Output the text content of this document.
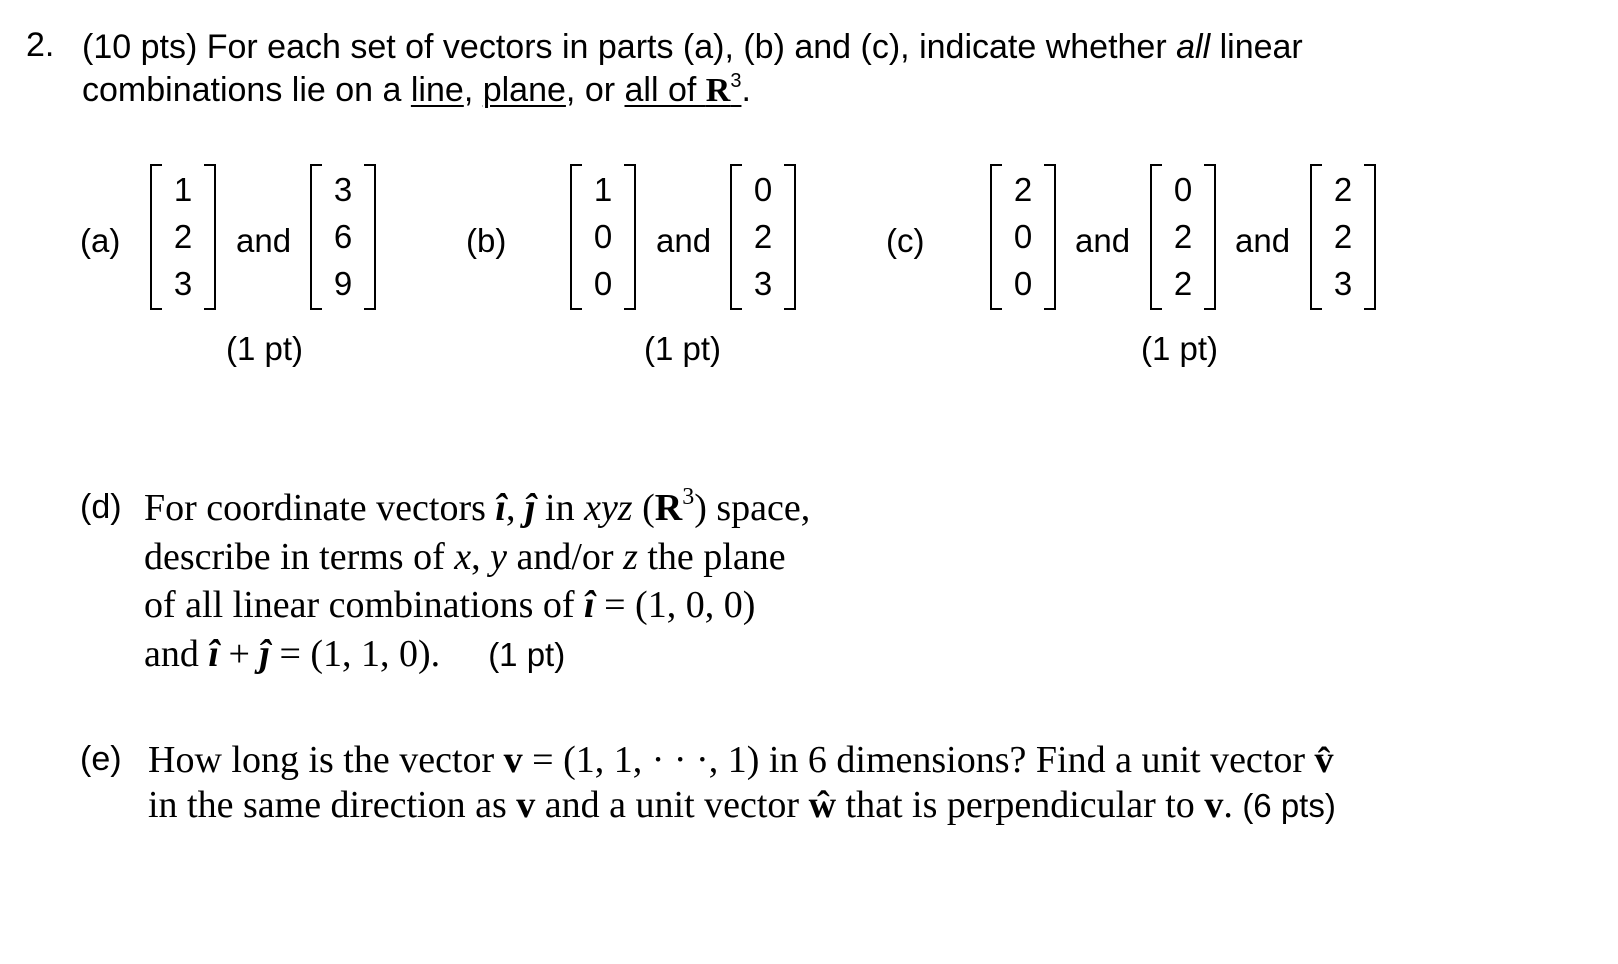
2. (10 pts) For each set of vectors in parts (a), (b) and (c), indicate whether all linear
combinations lie on a line, plane, or all of $R^3$.
(a)
1
2
3
and
3
6
9
(1 pt)
(b)
1
0
0
and
0
2
3
(1 pt)
(c)
2
0
0
and
0
2
2
and
2
2
3
(1 pt)
(d) For coordinate vectors î, ĵ in xyz $(R^3)$ space,
describe in terms of x, y and/or z the plane
of all linear combinations of î = (1, 0, 0)
and î + ĵ = (1, 1, 0). (1 pt)
(e) How long is the vector v = (1, 1, · · ·, 1) in 6 dimensions? Find a unit vector v̂
in the same direction as v and a unit vector ŵ that is perpendicular to v. (6 pts)
